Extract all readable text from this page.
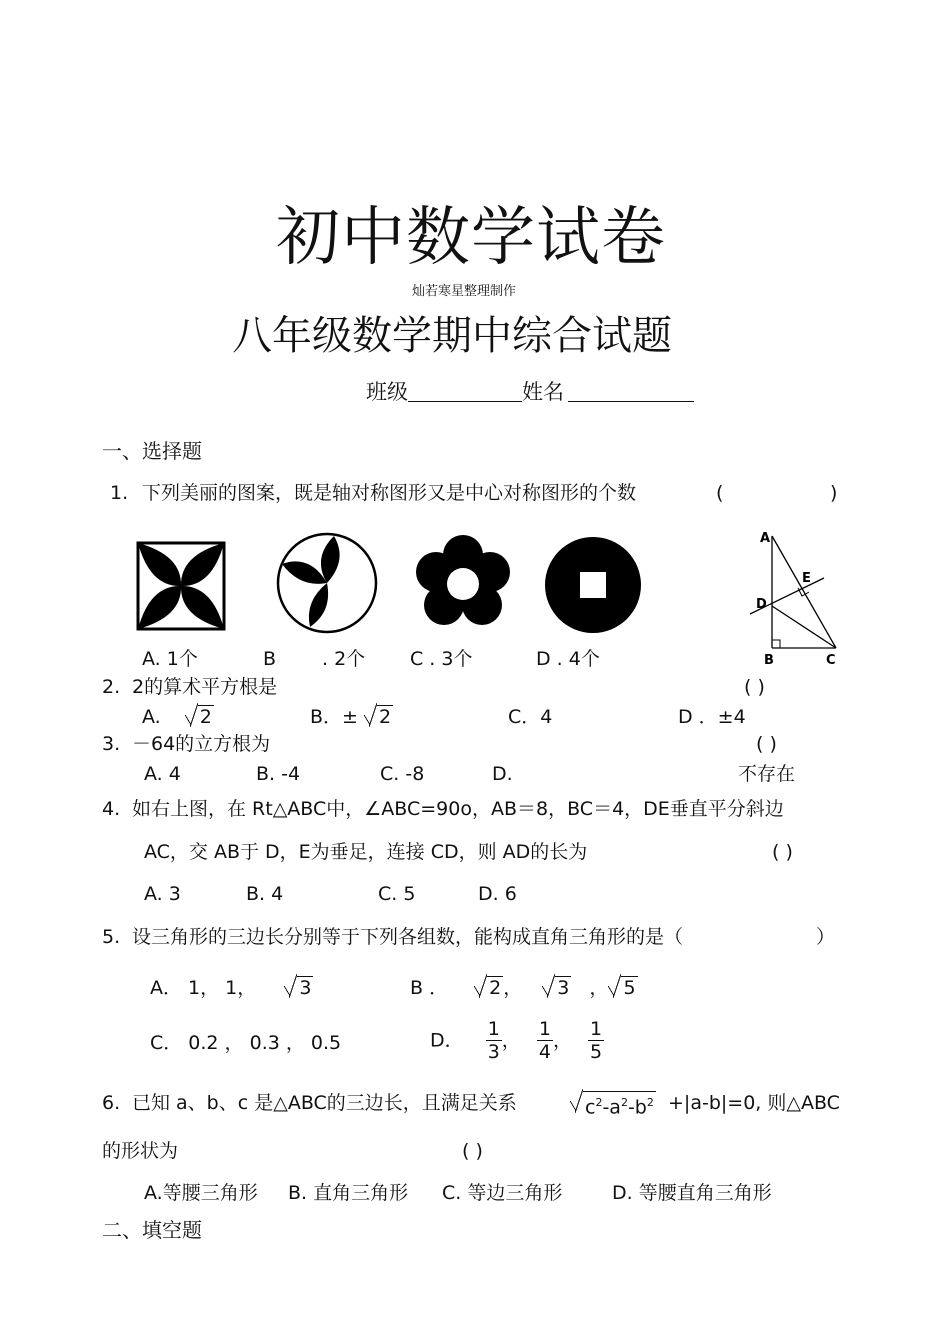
初中数学试卷
灿若寒星整理制作
八年级数学期中综合试题
班级	姓名
一、选择题
1. 下列美丽的图案，既是轴对称图形又是中心对称图形的个数	(	)
A
E
D
B	C
A. 1个	B . 2个 C . 3个	D . 4个
2. 2的算术平方根是	( )
A. 2	B．± 2	C．4	D ．±4
3. －64的立方根为	( )
A. 4	B. -4	C. -8	D.	不存在
4. 如右上图，在 Rt△ABC中，∠ABC=90o，AB＝8，BC＝4，DE垂直平分斜边
AC，交 AB于 D，E为垂足，连接 CD，则 AD的长为	( )
A. 3	B. 4	C. 5	D. 6
5. 设三角形的三边长分别等于下列各组数，能构成直角三角形的是（	）
A． 1， 1， 3	B ． 2 ， 3 ， 5
C． 0.2 ， 0.3 ， 0.5	D． $\frac{1}{3}$ ， $\frac{1}{4}$ ， $\frac{1}{5}$
6. 已知 a、b、c 是△ABC的三边长，且满足关系	$c^2-a^2-b^2 +|a-b|=0$, 则△ABC
的形状为	( )
A.等腰三角形 B. 直角三角形 C. 等边三角形	D. 等腰直角三角形
二、填空题
